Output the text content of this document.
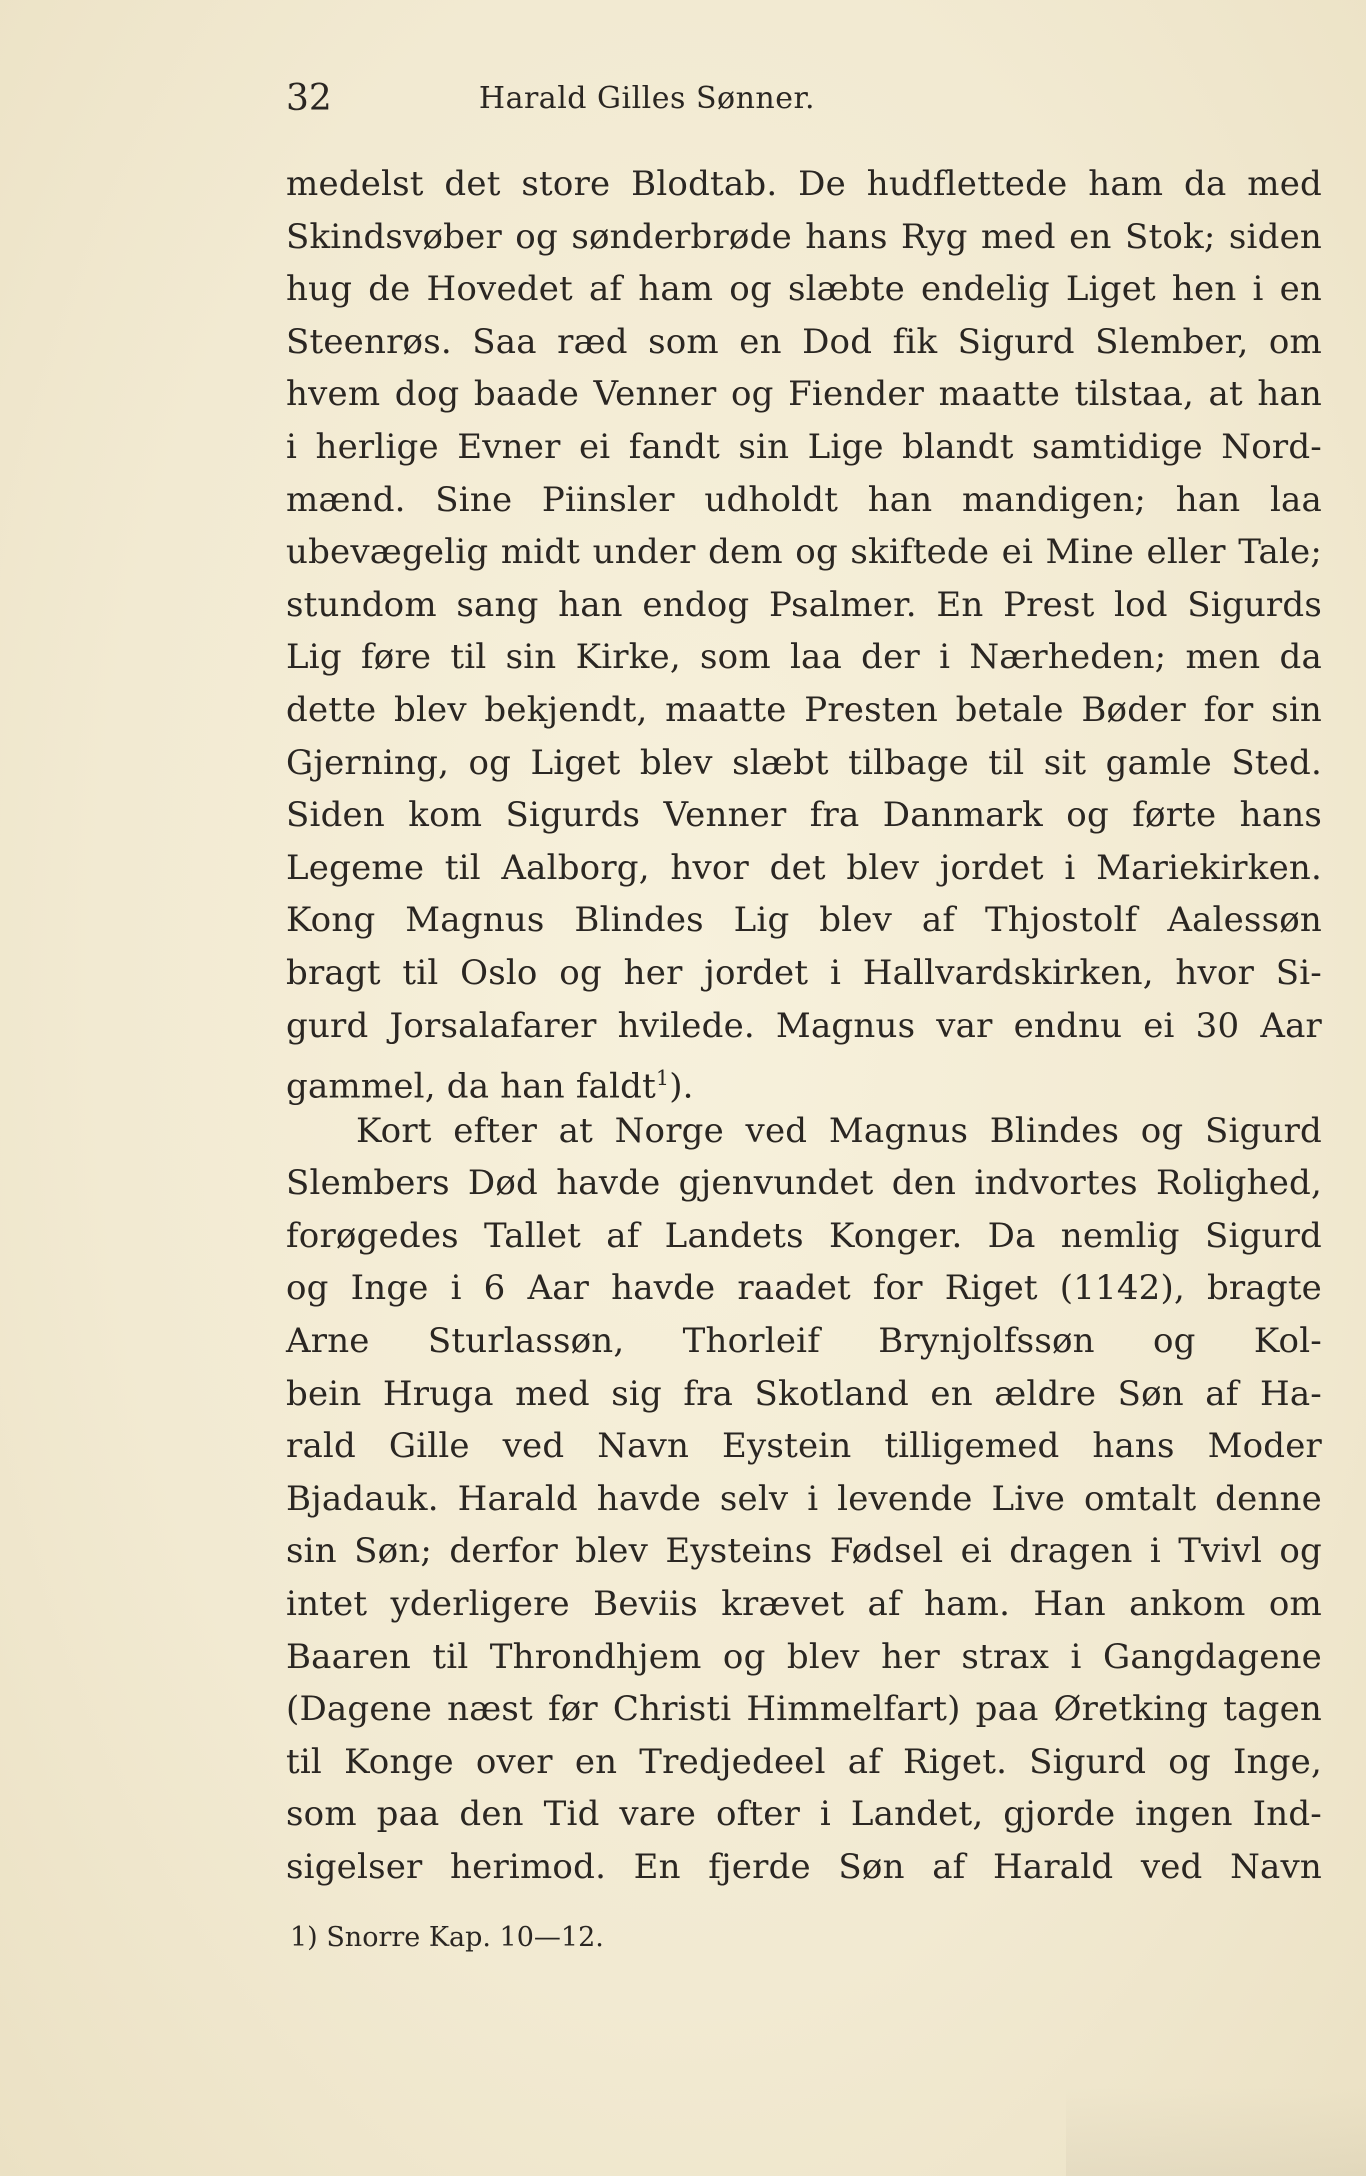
32	Harald Gilles Sønner.
medelst det store Blodtab. De hudflettede ham da med
Skindsvøber og sønderbrøde hans Ryg med en Stok; siden
hug de Hovedet af ham og slæbte endelig Liget hen i en
Steenrøs. Saa ræd som en Dod fik Sigurd Slember, om
hvem dog baade Venner og Fiender maatte tilstaa, at han
i herlige Evner ei fandt sin Lige blandt samtidige Nord-
mænd. Sine Piinsler udholdt han mandigen; han laa
ubevægelig midt under dem og skiftede ei Mine eller Tale;
stundom sang han endog Psalmer. En Prest lod Sigurds
Lig føre til sin Kirke, som laa der i Nærheden; men da
dette blev bekjendt, maatte Presten betale Bøder for sin
Gjerning, og Liget blev slæbt tilbage til sit gamle Sted.
Siden kom Sigurds Venner fra Danmark og førte hans
Legeme til Aalborg, hvor det blev jordet i Mariekirken.
Kong Magnus Blindes Lig blev af Thjostolf Aalessøn
bragt til Oslo og her jordet i Hallvardskirken, hvor Si-
gurd Jorsalafarer hvilede. Magnus var endnu ei 30 Aar
gammel, da han faldt$^1$).
Kort efter at Norge ved Magnus Blindes og Sigurd
Slembers Død havde gjenvundet den indvortes Rolighed,
forøgedes Tallet af Landets Konger. Da nemlig Sigurd
og Inge i 6 Aar havde raadet for Riget (1142), bragte
Arne Sturlassøn, Thorleif Brynjolfssøn og Kol-
bein Hruga med sig fra Skotland en ældre Søn af Ha-
rald Gille ved Navn Eystein tilligemed hans Moder
Bjadauk. Harald havde selv i levende Live omtalt denne
sin Søn; derfor blev Eysteins Fødsel ei dragen i Tvivl og
intet yderligere Beviis krævet af ham. Han ankom om
Baaren til Throndhjem og blev her strax i Gangdagene
(Dagene næst før Christi Himmelfart) paa Øretking tagen
til Konge over en Tredjedeel af Riget. Sigurd og Inge,
som paa den Tid vare ofter i Landet, gjorde ingen Ind-
sigelser herimod. En fjerde Søn af Harald ved Navn
1) Snorre Kap. 10—12.
